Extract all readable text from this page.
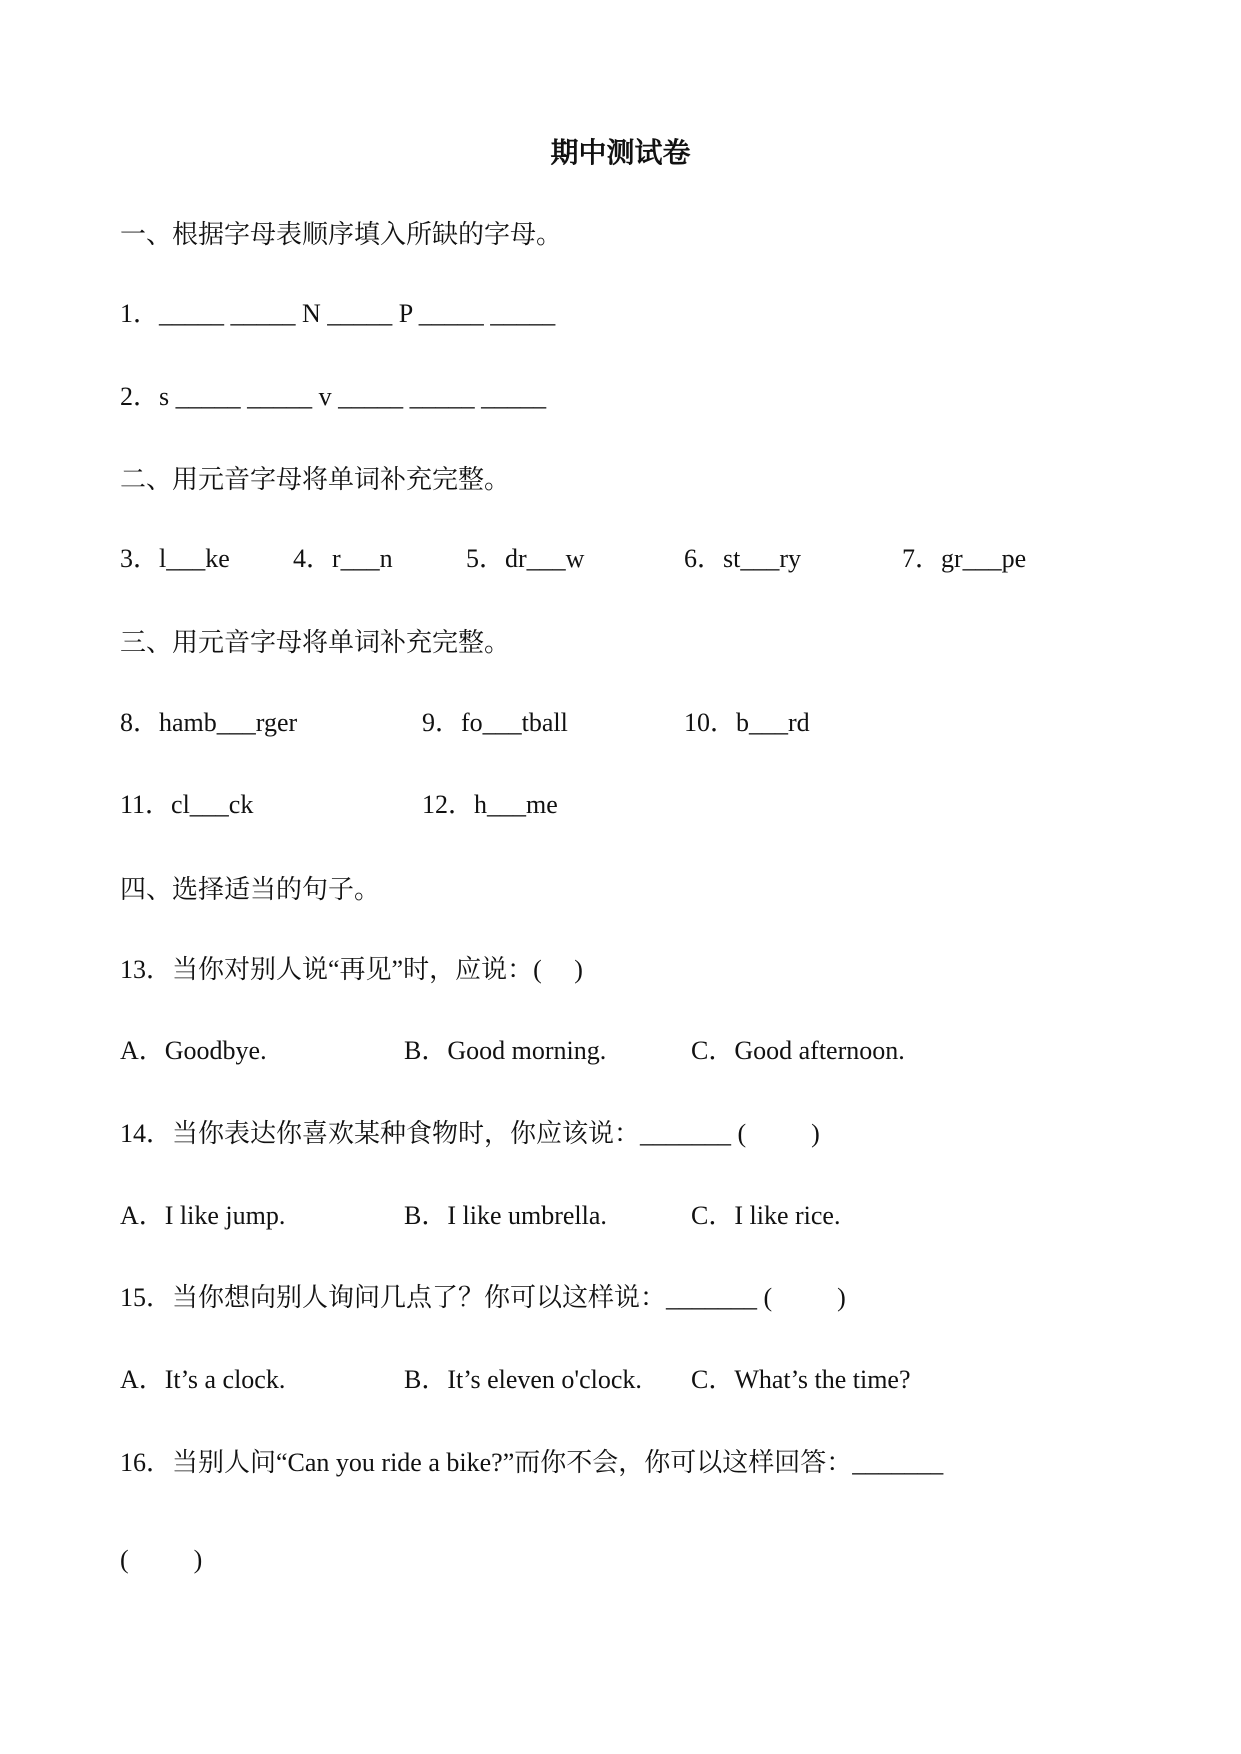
期中测试卷
一、根据字母表顺序填入所缺的字母。
1．_____ _____ N _____ P _____ _____
2．s _____ _____ v _____ _____ _____
二、用元音字母将单词补充完整。
3．l___ke 4．r___n	5．dr___w	6．st___ry	7．gr___pe
三、用元音字母将单词补充完整。
8．hamb___rger	9．fo___tball	10．b___rd
11．cl___ck	12．h___me
四、选择适当的句子。
13．当你对别人说“再见”时，应说：(     )
A．Goodbye.	B．Good morning.	C．Good afternoon.
14．当你表达你喜欢某种食物时，你应该说：_______ (          )
A．I like jump.	B．I like umbrella.	C．I like rice.
15．当你想向别人询问几点了？你可以这样说：_______ (          )
A．It’s a clock.	B．It’s eleven o'clock. C．What’s the time?
16．当别人问“Can you ride a bike?”而你不会，你可以这样回答：_______
(          )
